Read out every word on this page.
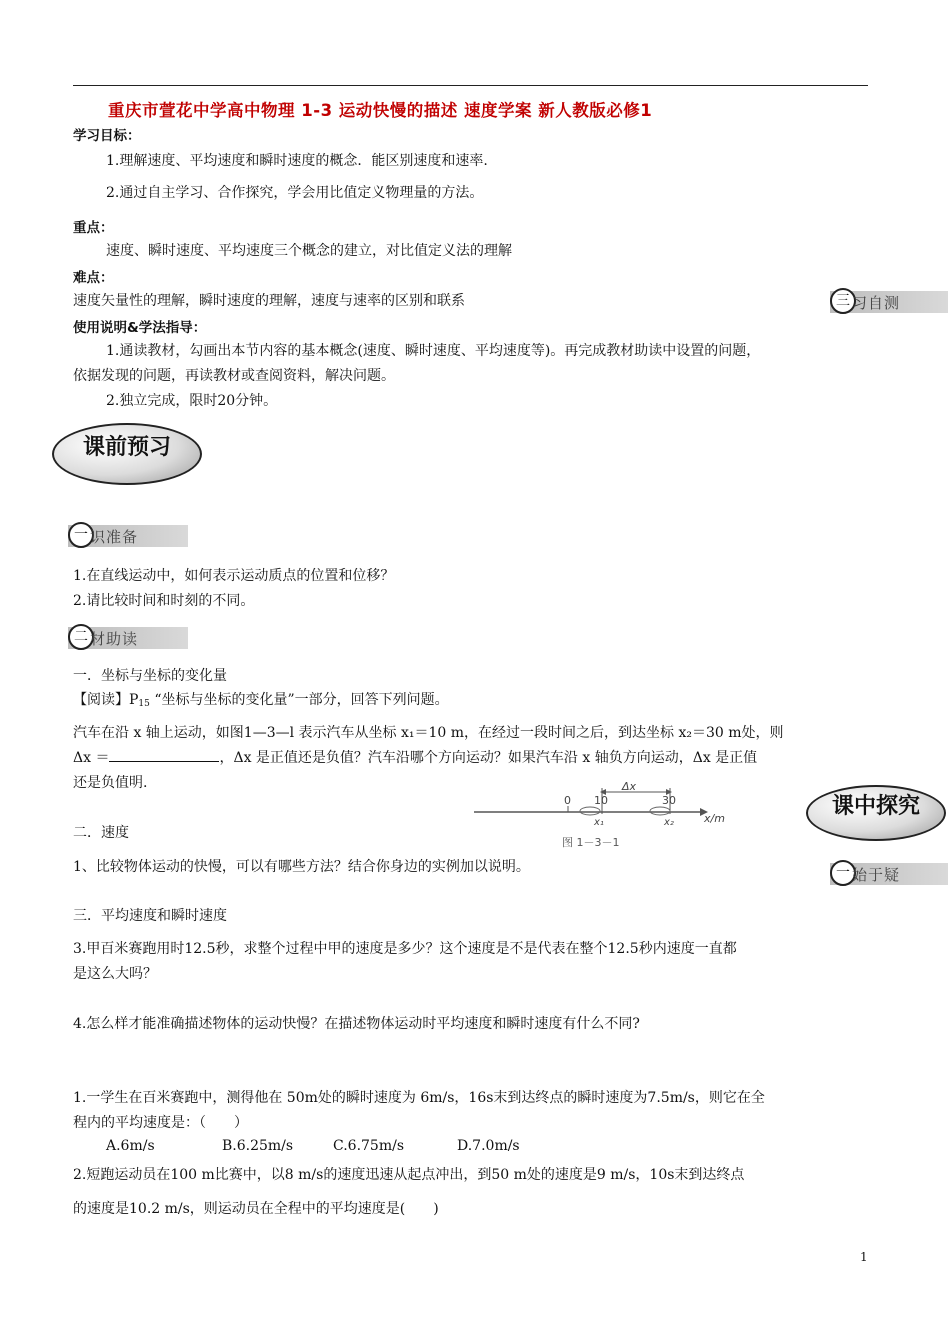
重庆市萱花中学高中物理 1-3 运动快慢的描述 速度学案 新人教版必修1
学习目标：
1.理解速度、平均速度和瞬时速度的概念．能区别速度和速率.
2.通过自主学习、合作探究，学会用比值定义物理量的方法。
重点：
速度、瞬时速度、平均速度三个概念的建立，对比值定义法的理解
难点：
速度矢量性的理解，瞬时速度的理解，速度与速率的区别和联系	三 习自测
使用说明&学法指导：
1.通读教材，勾画出本节内容的基本概念(速度、瞬时速度、平均速度等)。再完成教材助读中设置的问题，
依据发现的问题，再读教材或查阅资料，解决问题。
2.独立完成，限时20分钟。
课前预习
一 识准备
1.在直线运动中，如何表示运动质点的位置和位移？
2.请比较时间和时刻的不同。
二 材助读
一．坐标与坐标的变化量
【阅读】$P_{15}$ “坐标与坐标的变化量”一部分，回答下列问题。
汽车在沿 x 轴上运动，如图1—3—l 表示汽车从坐标 x₁＝10 m，在经过一段时间之后，到达坐标 x₂＝30 m处，则
Δx ＝	，Δx 是正值还是负值？汽车沿哪个方向运动？如果汽车沿 x 轴负方向运动，Δx 是正值
还是负值明.
0 10	30
Δx
x₁	x₂	x/m
图 1－3－1
课中探究
二．速度
1、比较物体运动的快慢，可以有哪些方法？结合你身边的实例加以说明。	一 始于疑
三．平均速度和瞬时速度
3.甲百米赛跑用时12.5秒，求整个过程中甲的速度是多少？这个速度是不是代表在整个12.5秒内速度一直都
是这么大吗？
4.怎么样才能准确描述物体的运动快慢？在描述物体运动时平均速度和瞬时速度有什么不同?
1.一学生在百米赛跑中，测得他在 50m处的瞬时速度为 6m/s，16s末到达终点的瞬时速度为7.5m/s，则它在全
程内的平均速度是：（　　）
A.6m/s	B.6.25m/s	C.6.75m/s	D.7.0m/s
2.短跑运动员在100 m比赛中，以8 m/s的速度迅速从起点冲出，到50 m处的速度是9 m/s，10s末到达终点
的速度是10.2 m/s，则运动员在全程中的平均速度是(　　)
1
